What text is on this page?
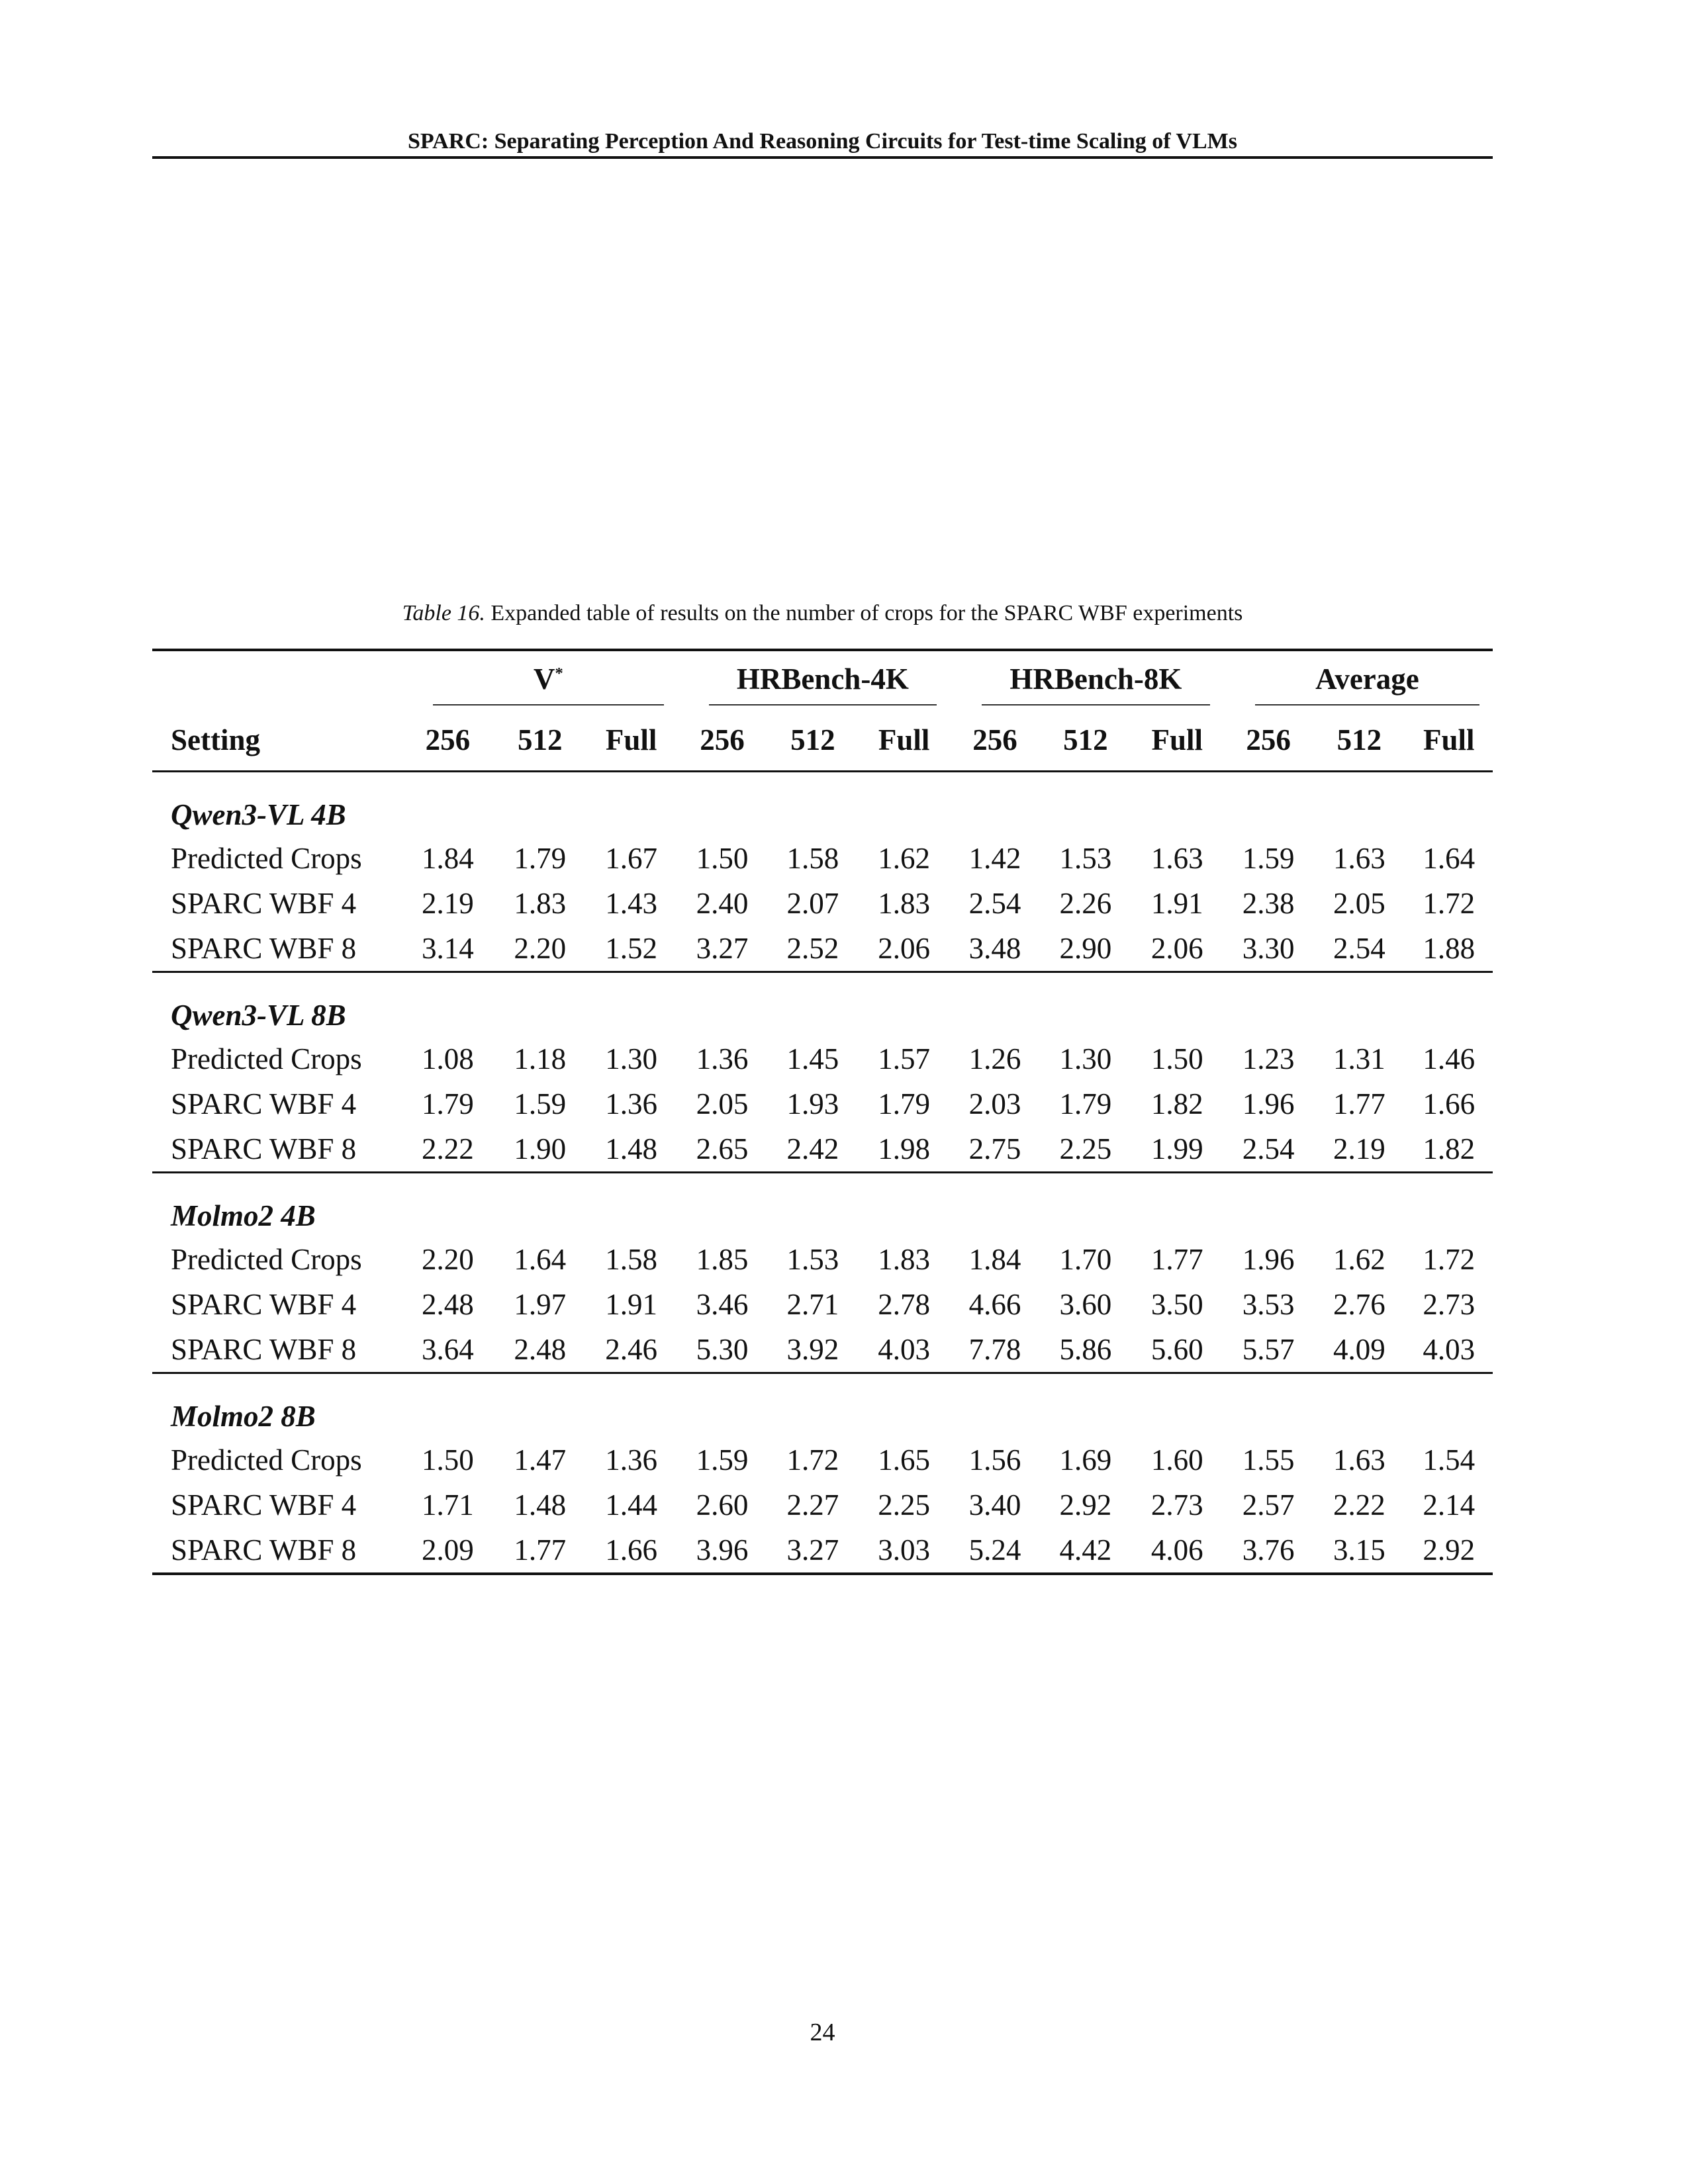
SPARC: Separating Perception And Reasoning Circuits for Test-time Scaling of VLMs
Table 16. Expanded table of results on the number of crops for the SPARC WBF experiments

	V*			HRBench-4K			HRBench-8K			Average		

Setting	256	512	Full	256	512	Full	256	512	Full	256	512	Full

Qwen3-VL 4B												
Predicted Crops	1.84	1.79	1.67	1.50	1.58	1.62	1.42	1.53	1.63	1.59	1.63	1.64
SPARC WBF 4	2.19	1.83	1.43	2.40	2.07	1.83	2.54	2.26	1.91	2.38	2.05	1.72
SPARC WBF 8	3.14	2.20	1.52	3.27	2.52	2.06	3.48	2.90	2.06	3.30	2.54	1.88
Qwen3-VL 8B												
Predicted Crops	1.08	1.18	1.30	1.36	1.45	1.57	1.26	1.30	1.50	1.23	1.31	1.46
SPARC WBF 4	1.79	1.59	1.36	2.05	1.93	1.79	2.03	1.79	1.82	1.96	1.77	1.66
SPARC WBF 8	2.22	1.90	1.48	2.65	2.42	1.98	2.75	2.25	1.99	2.54	2.19	1.82
Molmo2 4B												
Predicted Crops	2.20	1.64	1.58	1.85	1.53	1.83	1.84	1.70	1.77	1.96	1.62	1.72
SPARC WBF 4	2.48	1.97	1.91	3.46	2.71	2.78	4.66	3.60	3.50	3.53	2.76	2.73
SPARC WBF 8	3.64	2.48	2.46	5.30	3.92	4.03	7.78	5.86	5.60	5.57	4.09	4.03
Molmo2 8B												
Predicted Crops	1.50	1.47	1.36	1.59	1.72	1.65	1.56	1.69	1.60	1.55	1.63	1.54
SPARC WBF 4	1.71	1.48	1.44	2.60	2.27	2.25	3.40	2.92	2.73	2.57	2.22	2.14
SPARC WBF 8	2.09	1.77	1.66	3.96	3.27	3.03	5.24	4.42	4.06	3.76	3.15	2.92

24
